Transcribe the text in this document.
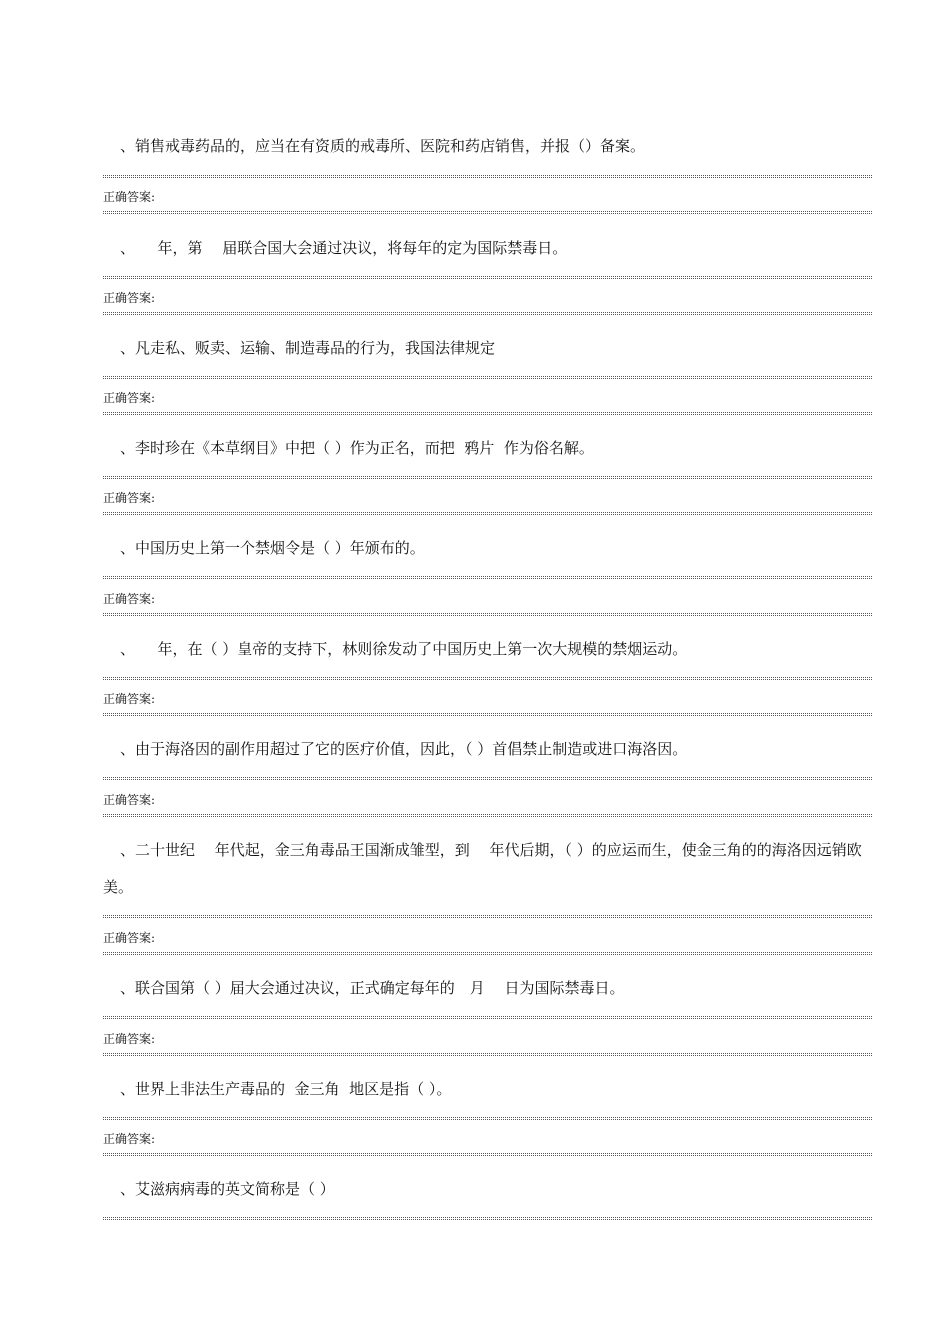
、销售戒毒药品的，应当在有资质的戒毒所、医院和药店销售，并报（）备案。
正确答案:
、　　年，第　 届联合国大会通过决议，将每年的定为国际禁毒日。
正确答案:
、凡走私、贩卖、运输、制造毒品的行为，我国法律规定
正确答案:
、李时珍在《本草纲目》中把（ ）作为正名，而把  鸦片  作为俗名解。
正确答案:
、中国历史上第一个禁烟令是（ ）年颁布的。
正确答案:
、　　年，在（ ）皇帝的支持下，林则徐发动了中国历史上第一次大规模的禁烟运动。
正确答案:
、由于海洛因的副作用超过了它的医疗价值，因此，（ ）首倡禁止制造或进口海洛因。
正确答案:
、二十世纪　 年代起，金三角毒品王国渐成雏型，到　 年代后期，（ ）的应运而生，使金三角的的海洛因远销欧美。
正确答案:
、联合国第（ ）届大会通过决议，正式确定每年的　月　 日为国际禁毒日。
正确答案:
、世界上非法生产毒品的  金三角  地区是指（ ）。
正确答案:
、艾滋病病毒的英文简称是（ ）
